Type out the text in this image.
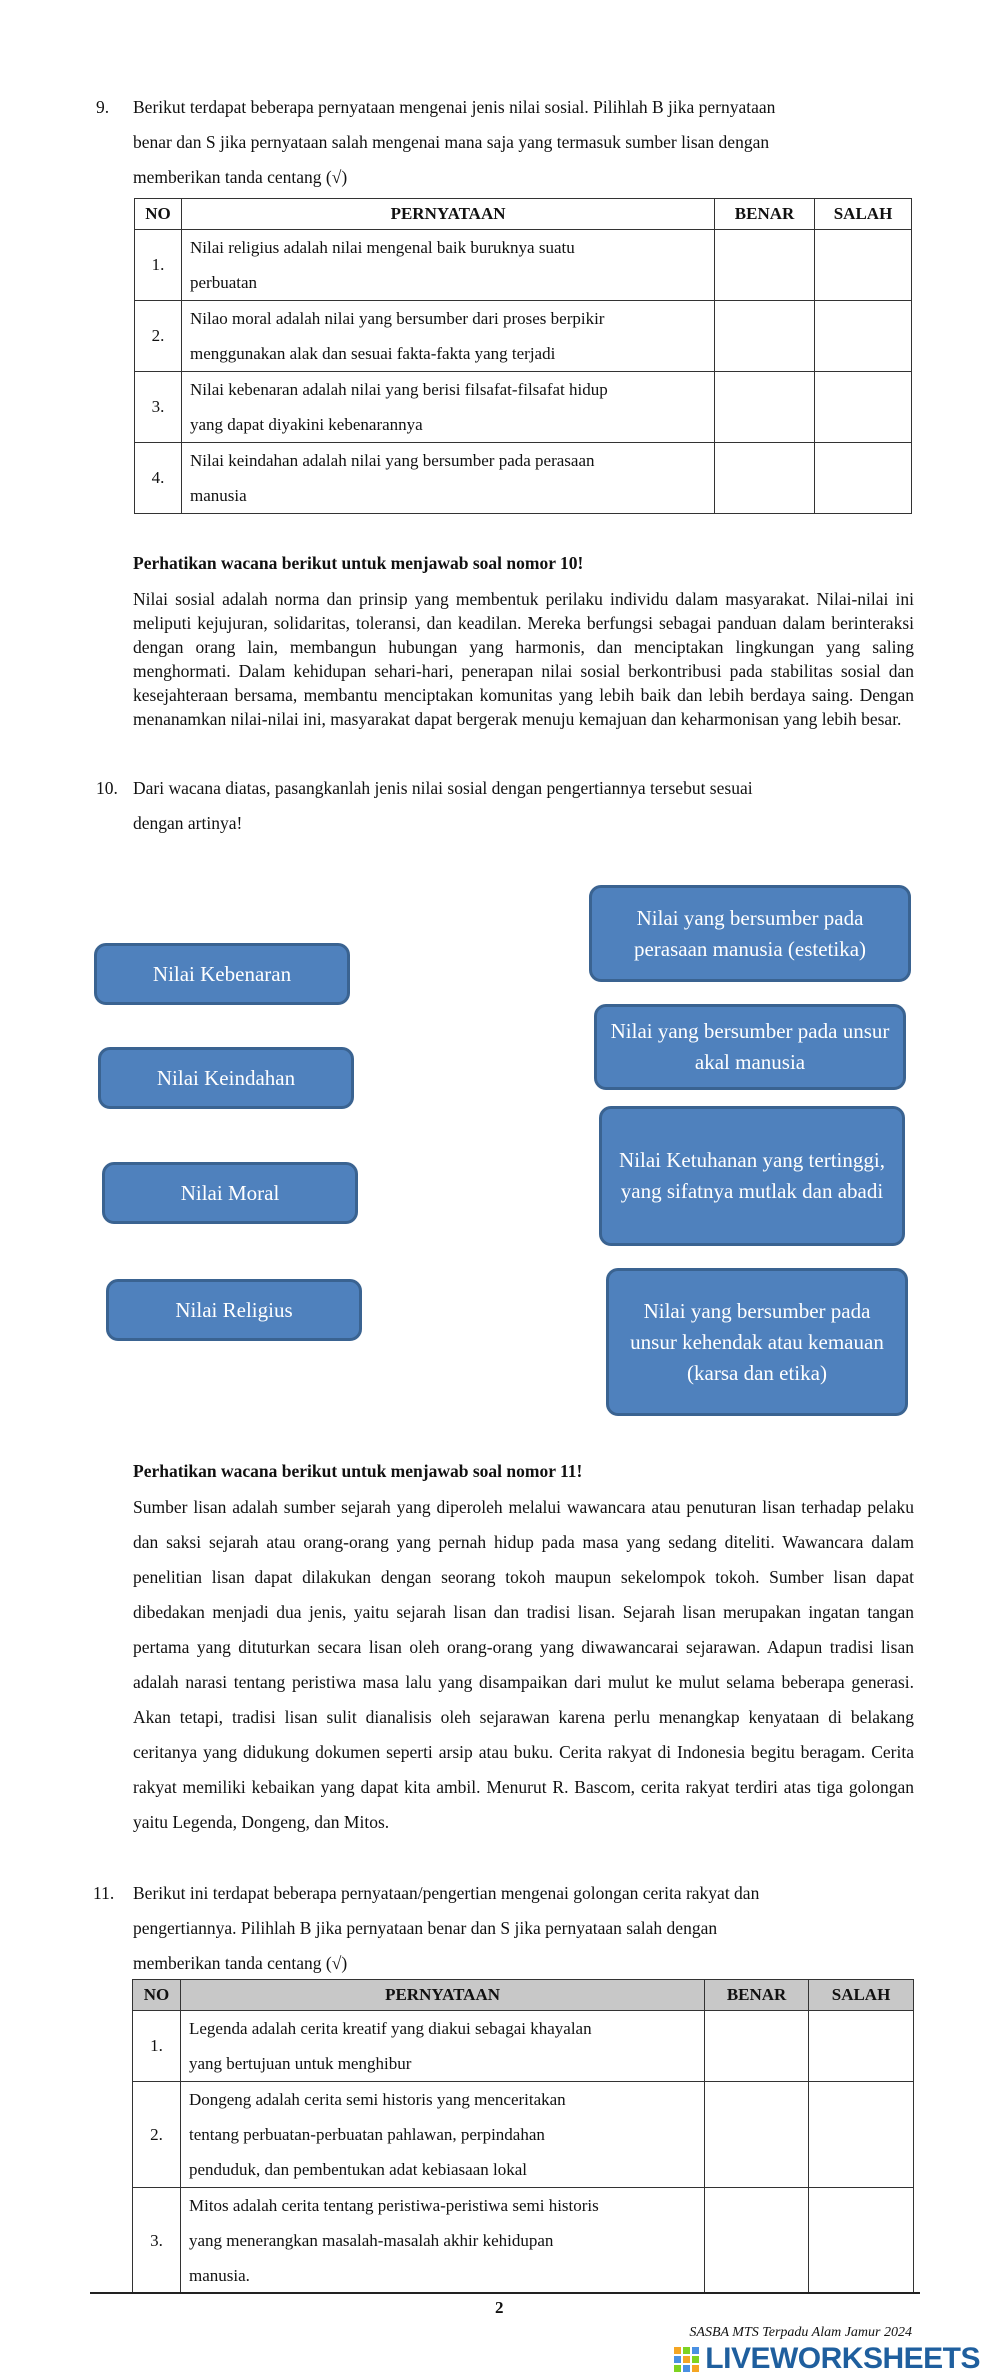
9. Berikut terdapat beberapa pernyataan mengenai jenis nilai sosial. Pilihlah B jika pernyataan
benar dan S jika pernyataan salah mengenai mana saja yang termasuk sumber lisan dengan
memberikan tanda centang (√)
NO	PERNYATAAN	BENAR	SALAH
1.	Nilai religius adalah nilai mengenal baik buruknya suatu
perbuatan		

2.	Nilao moral adalah nilai yang bersumber dari proses berpikir
menggunakan alak dan sesuai fakta-fakta yang terjadi		

3.	Nilai kebenaran adalah nilai yang berisi filsafat-filsafat hidup
yang dapat diyakini kebenarannya		

4.	Nilai keindahan adalah nilai yang bersumber pada perasaan
manusia		

Perhatikan wacana berikut untuk menjawab soal nomor 10!
Nilai sosial adalah norma dan prinsip yang membentuk perilaku individu dalam masyarakat. Nilai-nilai ini meliputi kejujuran, solidaritas, toleransi, dan keadilan. Mereka berfungsi sebagai panduan dalam berinteraksi dengan orang lain, membangun hubungan yang harmonis, dan menciptakan lingkungan yang saling menghormati. Dalam kehidupan sehari-hari, penerapan nilai sosial berkontribusi pada stabilitas sosial dan kesejahteraan bersama, membantu menciptakan komunitas yang lebih baik dan lebih berdaya saing. Dengan menanamkan nilai-nilai ini, masyarakat dapat bergerak menuju kemajuan dan keharmonisan yang lebih besar.
10. Dari wacana diatas, pasangkanlah jenis nilai sosial dengan pengertiannya tersebut sesuai
dengan artinya!
Nilai Kebenaran
Nilai Keindahan
Nilai Moral
Nilai Religius
Nilai yang bersumber pada perasaan manusia (estetika)
Nilai yang bersumber pada unsur akal manusia
Nilai Ketuhanan yang tertinggi, yang sifatnya mutlak dan abadi
Nilai yang bersumber pada unsur kehendak atau kemauan (karsa dan etika)
Perhatikan wacana berikut untuk menjawab soal nomor 11!
Sumber lisan adalah sumber sejarah yang diperoleh melalui wawancara atau penuturan lisan terhadap pelaku dan saksi sejarah atau orang-orang yang pernah hidup pada masa yang sedang diteliti. Wawancara dalam penelitian lisan dapat dilakukan dengan seorang tokoh maupun sekelompok tokoh. Sumber lisan dapat dibedakan menjadi dua jenis, yaitu sejarah lisan dan tradisi lisan. Sejarah lisan merupakan ingatan tangan pertama yang dituturkan secara lisan oleh orang-orang yang diwawancarai sejarawan. Adapun tradisi lisan adalah narasi tentang peristiwa masa lalu yang disampaikan dari mulut ke mulut selama beberapa generasi. Akan tetapi, tradisi lisan sulit dianalisis oleh sejarawan karena perlu menangkap kenyataan di belakang ceritanya yang didukung dokumen seperti arsip atau buku. Cerita rakyat di Indonesia begitu beragam. Cerita rakyat memiliki kebaikan yang dapat kita ambil. Menurut R. Bascom, cerita rakyat terdiri atas tiga golongan yaitu Legenda, Dongeng, dan Mitos.
11. Berikut ini terdapat beberapa pernyataan/pengertian mengenai golongan cerita rakyat dan
pengertiannya. Pilihlah B jika pernyataan benar dan S jika pernyataan salah dengan
memberikan tanda centang (√)
NO	PERNYATAAN	BENAR	SALAH
1.	Legenda adalah cerita kreatif yang diakui sebagai khayalan
yang bertujuan untuk menghibur		

2.	Dongeng adalah cerita semi historis yang menceritakan
tentang perbuatan-perbuatan pahlawan, perpindahan
penduduk, dan pembentukan adat kebiasaan lokal		

3.	Mitos adalah cerita tentang peristiwa-peristiwa semi historis
yang menerangkan masalah-masalah akhir kehidupan
manusia.		

2
SASBA MTS Terpadu Alam Jamur 2024
LIVEWORKSHEETS
